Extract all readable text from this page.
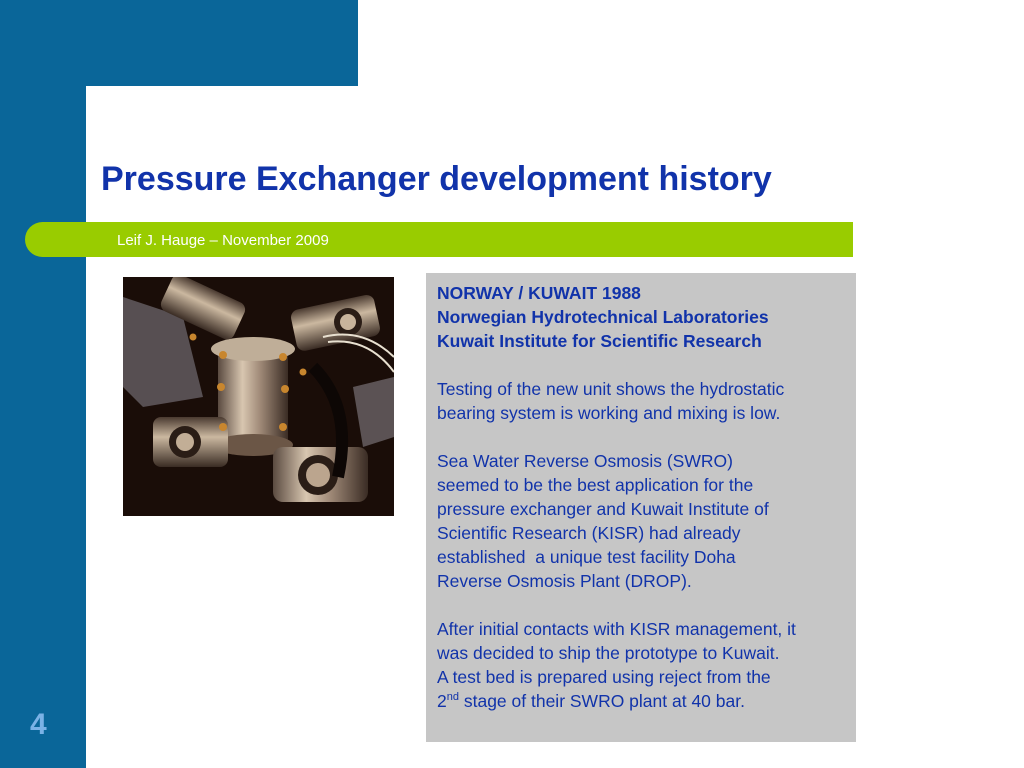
Pressure Exchanger development history
Leif J. Hauge – November 2009

NORWAY / KUWAIT 1988

Norwegian Hydrotechnical Laboratories

Kuwait Institute for Scientific Research

Testing of the new unit shows the hydrostatic

bearing system is working and mixing is low.

Sea Water Reverse Osmosis (SWRO)

seemed to be the best application for the

pressure exchanger and Kuwait Institute of

Scientific Research (KISR) had already

established  a unique test facility Doha

Reverse Osmosis Plant (DROP).

After initial contacts with KISR management, it

was decided to ship the prototype to Kuwait.

A test bed is prepared using reject from the

2nd stage of their SWRO plant at 40 bar.

4
